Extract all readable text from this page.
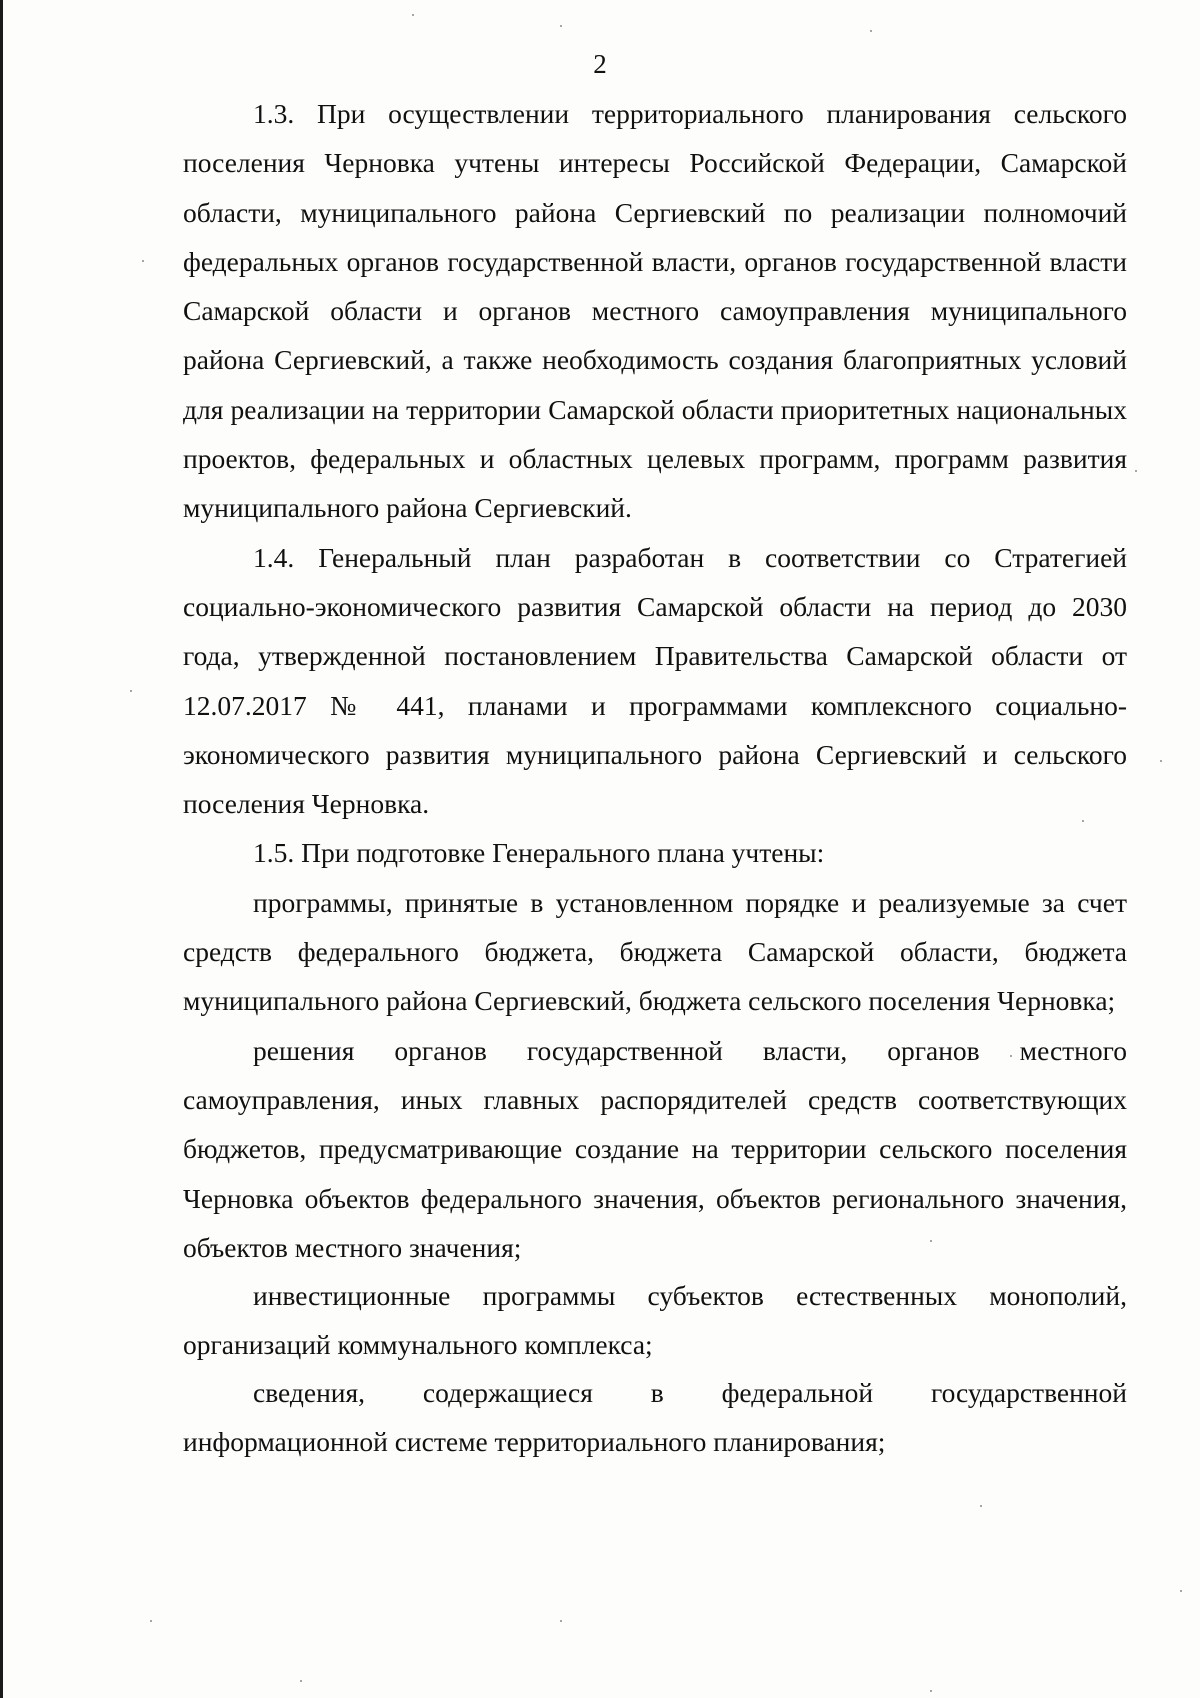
2

1.3. При осуществлении территориального планирования сельского поселения Черновка учтены интересы Российской Федерации, Самарской области, муниципального района Сергиевский по реализации полномочий федеральных органов государственной власти, органов государственной власти Самарской области и органов местного самоуправления муниципального района Сергиевский, а также необходимость создания благоприятных условий для реализации на территории Самарской области приоритетных национальных проектов, федеральных и областных целевых программ, программ развития муниципального района Сергиевский.

1.4. Генеральный план разработан в соответствии со Стратегией социально-экономического развития Самарской области на период до 2030 года, утвержденной постановлением Правительства Самарской области от 12.07.2017 № 441, планами и программами комплексного социально-экономического развития муниципального района Сергиевский и сельского поселения Черновка.

1.5. При подготовке Генерального плана учтены:

программы, принятые в установленном порядке и реализуемые за счет средств федерального бюджета, бюджета Самарской области, бюджета муниципального района Сергиевский, бюджета сельского поселения Черновка;

решения органов государственной власти, органов местного самоуправления, иных главных распорядителей средств соответствующих бюджетов, предусматривающие создание на территории сельского поселения Черновка объектов федерального значения, объектов регионального значения, объектов местного значения;

инвестиционные программы субъектов естественных монополий, организаций коммунального комплекса;

сведения, содержащиеся в федеральной государственной информационной системе территориального планирования;
